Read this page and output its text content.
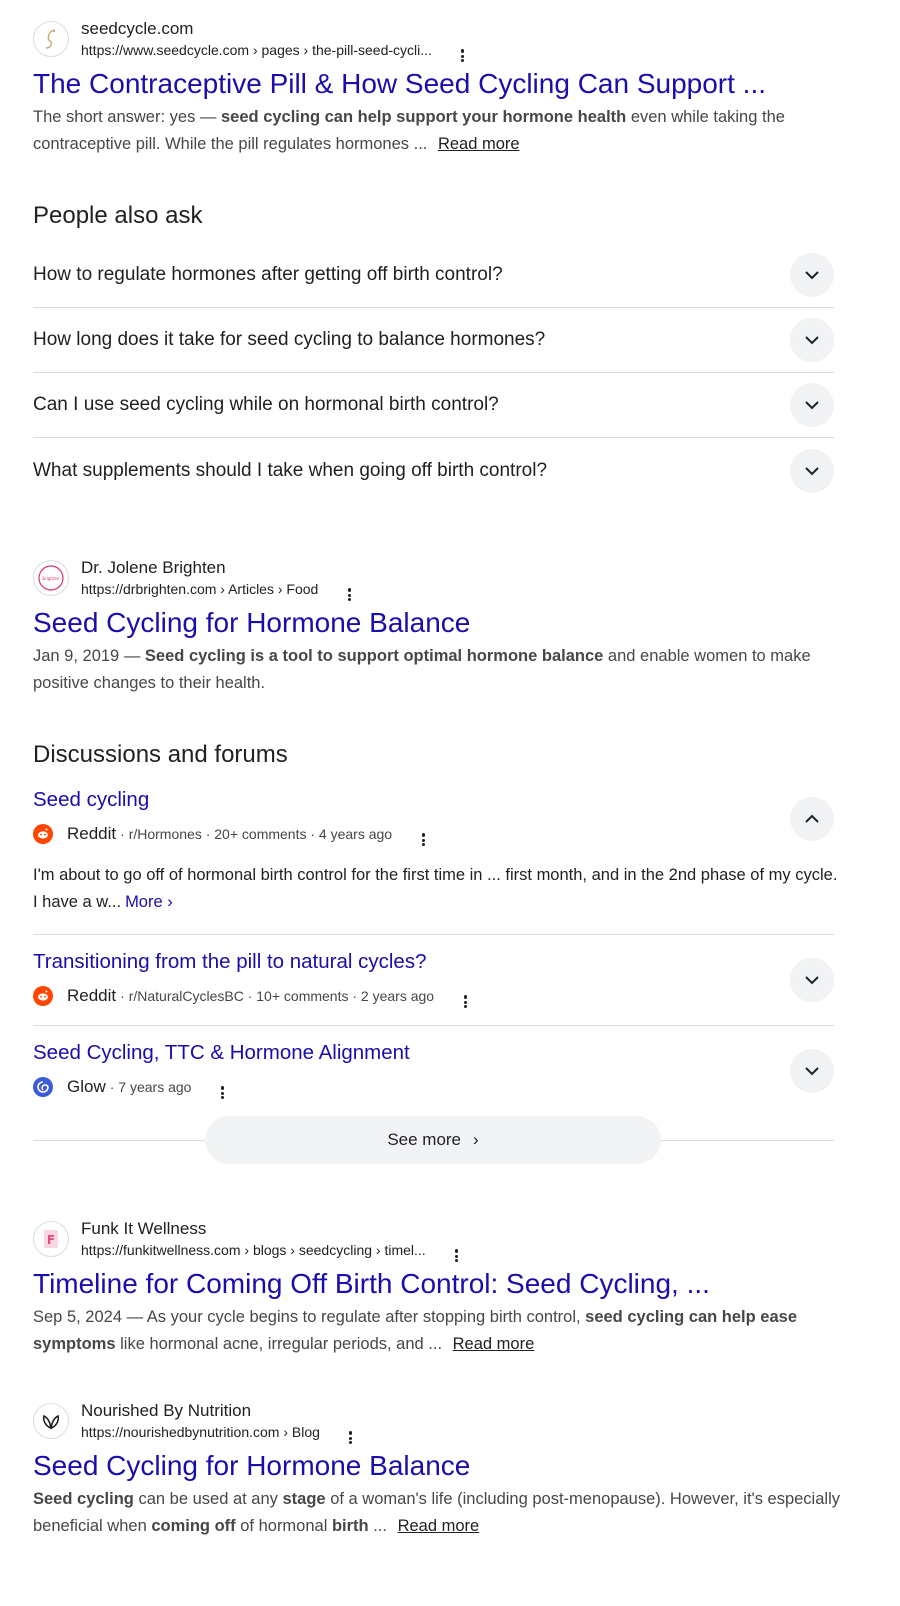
seedcycle.com
https://www.seedcycle.com › pages › the-pill-seed-cycli...
The Contraceptive Pill & How Seed Cycling Can Support ...
The short answer: yes — seed cycling can help support your hormone health even while taking the contraceptive pill. While the pill regulates hormones ... Read more
People also ask
How to regulate hormones after getting off birth control?
How long does it take for seed cycling to balance hormones?
Can I use seed cycling while on hormonal birth control?
What supplements should I take when going off birth control?
brighten
Dr. Jolene Brighten
https://drbrighten.com › Articles › Food
Seed Cycling for Hormone Balance
Jan 9, 2019 — Seed cycling is a tool to support optimal hormone balance and enable women to make positive changes to their health.
Discussions and forums
Seed cycling
Reddit · r/Hormones · 20+ comments · 4 years ago
I'm about to go off of hormonal birth control for the first time in ... first month, and in the 2nd phase of my cycle. I have a w... More ›
Transitioning from the pill to natural cycles?
Reddit · r/NaturalCyclesBC · 10+ comments · 2 years ago
Seed Cycling, TTC & Hormone Alignment
Glow · 7 years ago
See more ›
F
Funk It Wellness
https://funkitwellness.com › blogs › seedcycling › timel...
Timeline for Coming Off Birth Control: Seed Cycling, ...
Sep 5, 2024 — As your cycle begins to regulate after stopping birth control, seed cycling can help ease symptoms like hormonal acne, irregular periods, and ... Read more
Nourished By Nutrition
https://nourishedbynutrition.com › Blog
Seed Cycling for Hormone Balance
Seed cycling can be used at any stage of a woman's life (including post-menopause). However, it's especially beneficial when coming off of hormonal birth ... Read more
